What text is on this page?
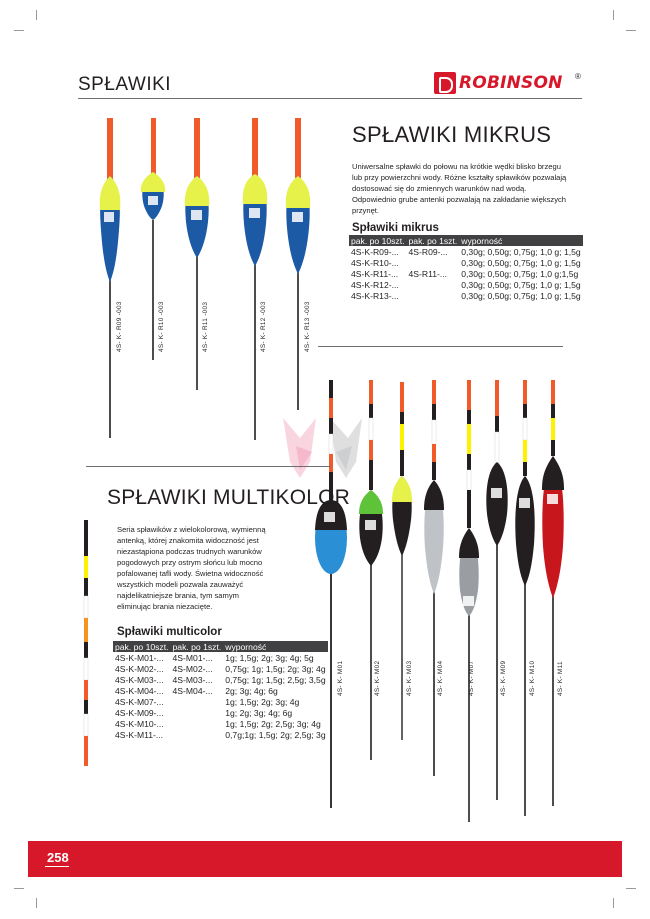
SPŁAWIKI	ROBINSON ®
4S- K- R09 -003	4S- K- R10 -003	4S- K- R11 -003	4S- K- R12 -003	4S- K- R13 -003
SPŁAWIKI MIKRUS
Uniwersalne spławki do połowu na krótkie wędki blisko brzegu lub przy powierzchni wody. Różne kształty spławików pozwalają dostosować się do zmiennych warunków nad wodą. Odpowiednio grube antenki pozwalają na zakładanie większych przynęt.
Spławiki mikrus
pak. po 10szt.	pak. po 1szt.	wyporność
4S-K-R09-...	4S-R09-...	0,30g; 0,50g; 0,75g; 1,0 g; 1,5g
4S-K-R10-...		0,30g; 0,50g; 0,75g; 1,0 g; 1,5g
4S-K-R11-...	4S-R11-...	0,30g; 0,50g; 0,75g; 1,0 g;1,5g
4S-K-R12-...		0,30g; 0,50g; 0,75g; 1,0 g; 1,5g
4S-K-R13-...		0,30g; 0,50g; 0,75g; 1,0 g; 1,5g
SPŁAWIKI MULTIKOLOR
Seria spławików z wielokolorową, wymienną antenką, której znakomita widoczność jest niezastąpiona podczas trudnych warunków pogodowych przy ostrym słońcu lub mocno pofalowanej tafli wody. Świetna widoczność wszystkich modeli pozwala zauważyć najdelikatniejsze brania, tym samym eliminując brania niezacięte.
Spławiki multicolor
pak. po 10szt.	pak. po 1szt.	wyporność
4S-K-M01-...	4S-M01-...	1g; 1,5g; 2g; 3g; 4g; 5g
4S-K-M02-...	4S-M02-...	0,75g; 1g; 1,5g; 2g; 3g; 4g
4S-K-M03-...	4S-M03-...	0,75g; 1g; 1,5g; 2,5g; 3,5g
4S-K-M04-...	4S-M04-...	2g; 3g; 4g; 6g
4S-K-M07-...		1g; 1,5g; 2g; 3g; 4g
4S-K-M09-...		1g; 2g; 3g; 4g; 6g
4S-K-M10-...		1g; 1,5g; 2g; 2,5g; 3g; 4g
4S-K-M11-...		0,7g;1g; 1,5g; 2g; 2,5g; 3g
4S- K- M01	4S- K- M02	4S- K- M03	4S- K- M04	4S- K- M07	4S- K- M09	4S- K- M10	4S- K- M11
258
